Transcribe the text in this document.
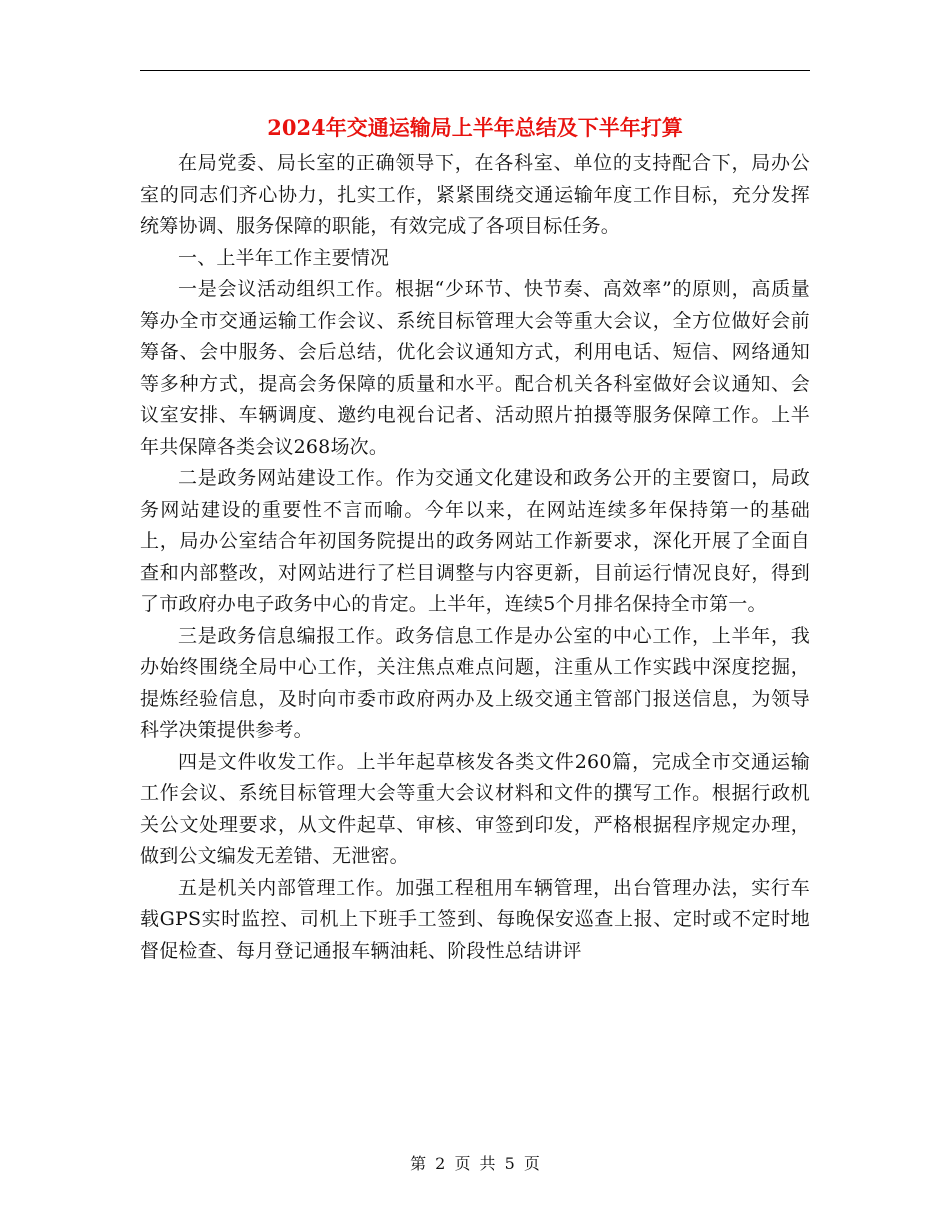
2024年交通运输局上半年总结及下半年打算

在局党委、局长室的正确领导下，在各科室、单位的支持配合下，局办公室的同志们齐心协力，扎实工作，紧紧围绕交通运输年度工作目标，充分发挥统筹协调、服务保障的职能，有效完成了各项目标任务。

一、上半年工作主要情况

一是会议活动组织工作。根据“少环节、快节奏、高效率”的原则，高质量筹办全市交通运输工作会议、系统目标管理大会等重大会议，全方位做好会前筹备、会中服务、会后总结，优化会议通知方式，利用电话、短信、网络通知等多种方式，提高会务保障的质量和水平。配合机关各科室做好会议通知、会议室安排、车辆调度、邀约电视台记者、活动照片拍摄等服务保障工作。上半年共保障各类会议268场次。

二是政务网站建设工作。作为交通文化建设和政务公开的主要窗口，局政务网站建设的重要性不言而喻。今年以来，在网站连续多年保持第一的基础上，局办公室结合年初国务院提出的政务网站工作新要求，深化开展了全面自查和内部整改，对网站进行了栏目调整与内容更新，目前运行情况良好，得到了市政府办电子政务中心的肯定。上半年，连续5个月排名保持全市第一。

三是政务信息编报工作。政务信息工作是办公室的中心工作，上半年，我办始终围绕全局中心工作，关注焦点难点问题，注重从工作实践中深度挖掘，提炼经验信息，及时向市委市政府两办及上级交通主管部门报送信息，为领导科学决策提供参考。

四是文件收发工作。上半年起草核发各类文件260篇，完成全市交通运输工作会议、系统目标管理大会等重大会议材料和文件的撰写工作。根据行政机关公文处理要求，从文件起草、审核、审签到印发，严格根据程序规定办理，做到公文编发无差错、无泄密。

五是机关内部管理工作。加强工程租用车辆管理，出台管理办法，实行车载GPS实时监控、司机上下班手工签到、每晚保安巡查上报、定时或不定时地督促检查、每月登记通报车辆油耗、阶段性总结讲评

第 2 页 共 5 页
